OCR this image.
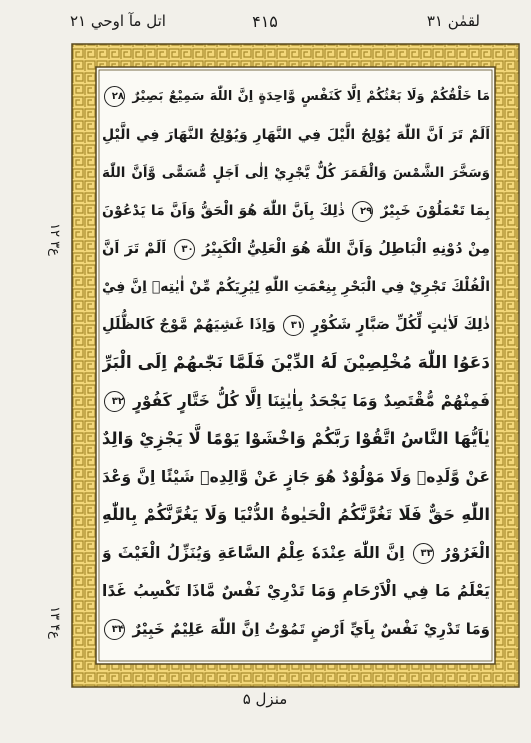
اتل مآ اوحي ۲۱	۴۱۵	لقمٰن ۳۱
ع۳ ۱۲
ع۴ ۱۳
مَا خَلْقُكُمْ وَلَا بَعْثُكُمْ اِلَّا كَنَفْسٍ وَّاحِدَةٍ اِنَّ اللّٰهَ سَمِيْعٌ بَصِيْرٌ ۲۸
اَلَمْ تَرَ اَنَّ اللّٰهَ يُوْلِجُ الَّيْلَ فِي النَّهَارِ وَيُوْلِجُ النَّهَارَ فِي الَّيْلِ
وَسَخَّرَ الشَّمْسَ وَالْقَمَرَ كُلٌّ يَّجْرِيْ اِلٰى اَجَلٍ مُّسَمًّى وَّاَنَّ اللّٰهَ
بِمَا تَعْمَلُوْنَ خَبِيْرٌ ۲۹ ذٰلِكَ بِاَنَّ اللّٰهَ هُوَ الْحَقُّ وَاَنَّ مَا يَدْعُوْنَ
مِنْ دُوْنِهِ الْبَاطِلُ وَاَنَّ اللّٰهَ هُوَ الْعَلِيُّ الْكَبِيْرُ ۳۰ اَلَمْ تَرَ اَنَّ
الْفُلْكَ تَجْرِيْ فِي الْبَحْرِ بِنِعْمَتِ اللّٰهِ لِيُرِيَكُمْ مِّنْ اٰيٰتِهٖ اِنَّ فِيْ
ذٰلِكَ لَاٰيٰتٍ لِّكُلِّ صَبَّارٍ شَكُوْرٍ ۳۱ وَاِذَا غَشِيَهُمْ مَّوْجٌ كَالظُّلَلِ
دَعَوُا اللّٰهَ مُخْلِصِيْنَ لَهُ الدِّيْنَ فَلَمَّا نَجّٰىهُمْ اِلَى الْبَرِّ
فَمِنْهُمْ مُّقْتَصِدٌ وَمَا يَجْحَدُ بِاٰيٰتِنَا اِلَّا كُلُّ خَتَّارٍ كَفُوْرٍ ۳۲
يٰاَيُّهَا النَّاسُ اتَّقُوْا رَبَّكُمْ وَاخْشَوْا يَوْمًا لَّا يَجْزِيْ وَالِدٌ
عَنْ وَّلَدِهٖ وَلَا مَوْلُوْدٌ هُوَ جَازٍ عَنْ وَّالِدِهٖ شَيْئًا اِنَّ وَعْدَ
اللّٰهِ حَقٌّ فَلَا تَغُرَّنَّكُمُ الْحَيٰوةُ الدُّنْيَا وَلَا يَغُرَّنَّكُمْ بِاللّٰهِ
الْغَرُوْرُ ۳۳ اِنَّ اللّٰهَ عِنْدَهٗ عِلْمُ السَّاعَةِ وَيُنَزِّلُ الْغَيْثَ وَ
يَعْلَمُ مَا فِي الْاَرْحَامِ وَمَا تَدْرِيْ نَفْسٌ مَّاذَا تَكْسِبُ غَدًا
وَمَا تَدْرِيْ نَفْسٌ بِاَيِّ اَرْضٍ تَمُوْتُ اِنَّ اللّٰهَ عَلِيْمٌ خَبِيْرٌ ۳۴
منزل ۵
